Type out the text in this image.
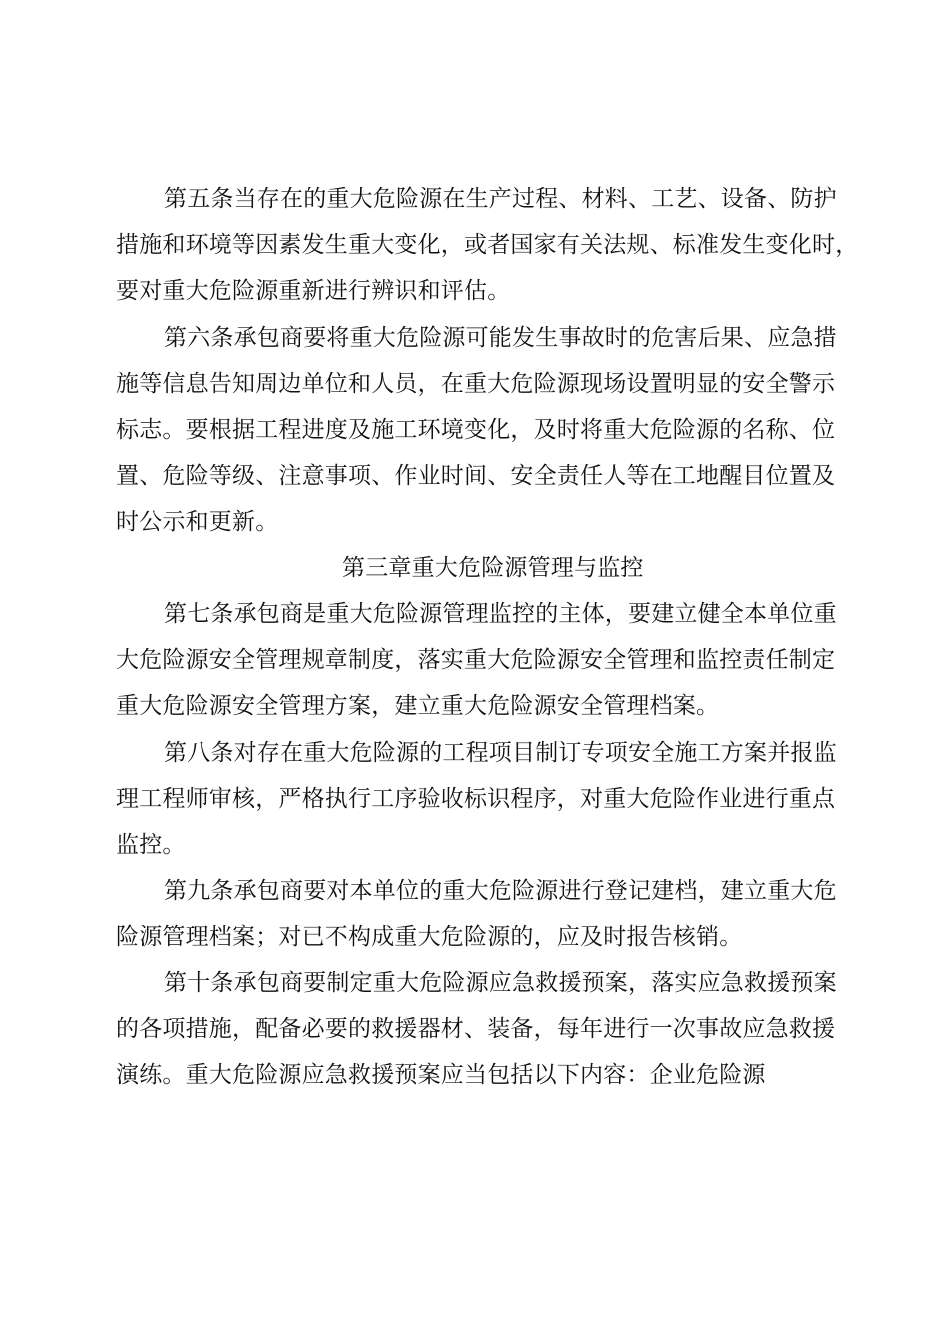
第五条当存在的重大危险源在生产过程、材料、工艺、设备、防护
措施和环境等因素发生重大变化，或者国家有关法规、标准发生变化时，
要对重大危险源重新进行辨识和评估。
第六条承包商要将重大危险源可能发生事故时的危害后果、应急措
施等信息告知周边单位和人员，在重大危险源现场设置明显的安全警示
标志。要根据工程进度及施工环境变化，及时将重大危险源的名称、位
置、危险等级、注意事项、作业时间、安全责任人等在工地醒目位置及
时公示和更新。
第三章重大危险源管理与监控
第七条承包商是重大危险源管理监控的主体，要建立健全本单位重
大危险源安全管理规章制度，落实重大危险源安全管理和监控责任制定
重大危险源安全管理方案，建立重大危险源安全管理档案。
第八条对存在重大危险源的工程项目制订专项安全施工方案并报监
理工程师审核，严格执行工序验收标识程序，对重大危险作业进行重点
监控。
第九条承包商要对本单位的重大危险源进行登记建档，建立重大危
险源管理档案；对已不构成重大危险源的，应及时报告核销。
第十条承包商要制定重大危险源应急救援预案，落实应急救援预案
的各项措施，配备必要的救援器材、装备，每年进行一次事故应急救援
演练。重大危险源应急救援预案应当包括以下内容：企业危险源
